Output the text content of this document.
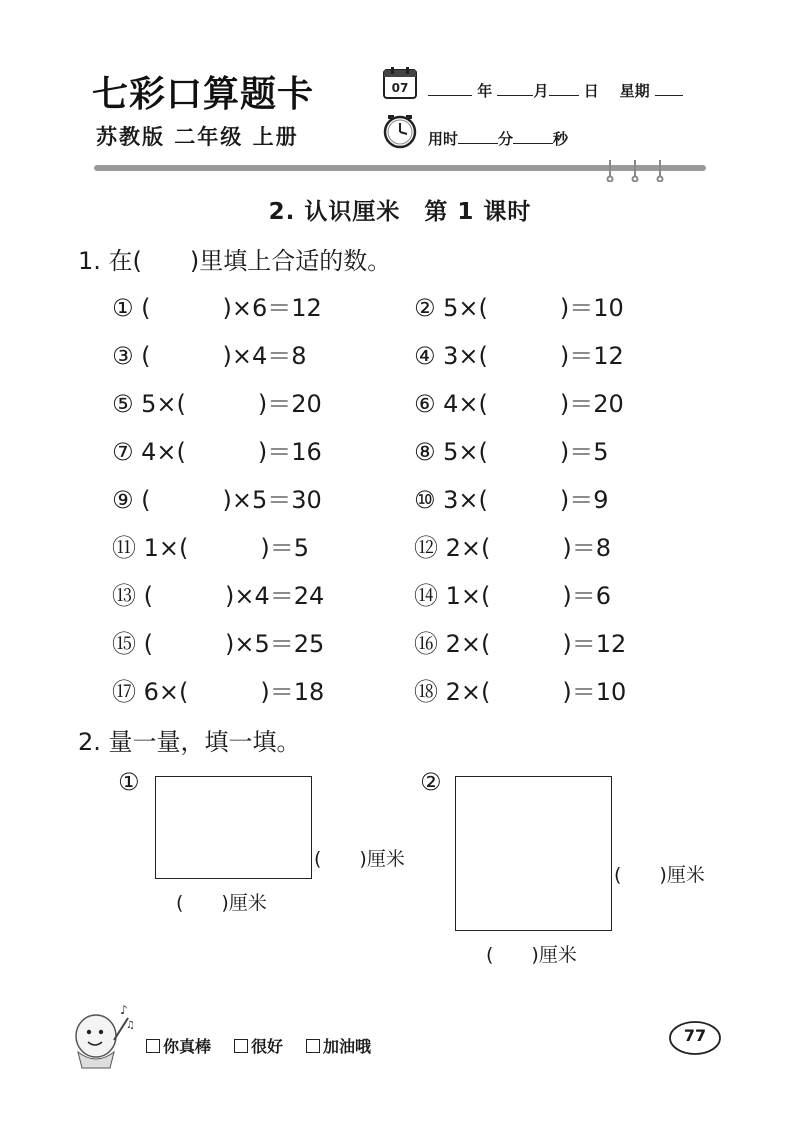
七彩口算题卡
苏教版 二年级 上册
07	年	月 日 星期
用时	分	秒
2. 认识厘米　第 1 课时
1. 在(　　)里填上合适的数。
① (　　　)×6＝12
③ (　　　)×4＝8
⑤ 5×(　　　)＝20
⑦ 4×(　　　)＝16
⑨ (　　　)×5＝30
⑪ 1×(　　　)＝5
⑬ (　　　)×4＝24
⑮ (　　　)×5＝25
⑰ 6×(　　　)＝18
② 5×(　　　)＝10
④ 3×(　　　)＝12
⑥ 4×(　　　)＝20
⑧ 5×(　　　)＝5
⑩ 3×(　　　)＝9
⑫ 2×(　　　)＝8
⑭ 1×(　　　)＝6
⑯ 2×(　　　)＝12
⑱ 2×(　　　)＝10
2. 量一量，填一填。
①
(　　)厘米
(　　)厘米
②
(　　)厘米
(　　)厘米
♪
♫
你真棒	很好	加油哦
77
